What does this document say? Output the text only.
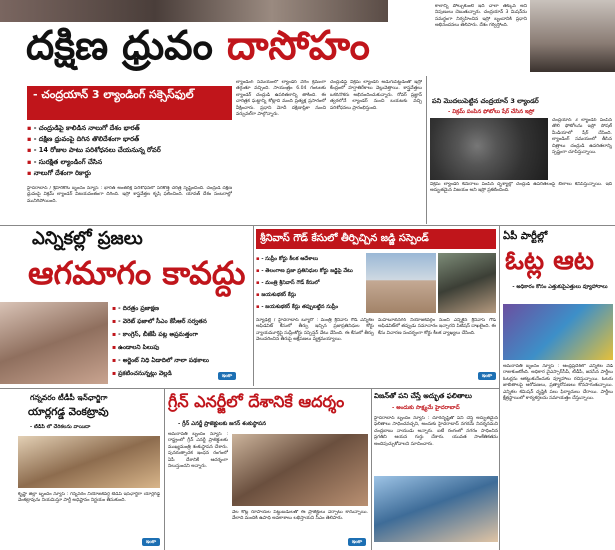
దక్షిణ ధ్రువం దాసోహం
కాలాన్ని పోల్చుకుంటే ఇది చాలా తక్కువ అని నిపుణులు చెబుతున్నారు. చంద్రయాన్ 3 మిషన్‌ను సమర్థంగా నిర్వహించిన ఇస్రో బృందానికి ప్రధాని అభినందనలు తెలిపారు. దేశం గర్విస్తోంది.
- చంద్రయాన్ 3 ల్యాండింగ్ సక్సెస్‌ఫుల్
▪ - చంద్రుడిపై కాలిడిన నాలుగో దేశం భారత్
▪ - దక్షిణ ధ్రువంపై దిగిన తొలిదేశంగా భారత్
▪ - 14 రోజుల పాటు పరిశోధనలు చేయనున్న రోవర్
▪ - సురక్షిత ల్యాండింగ్ చేసిన
▪ నాలుగో దేశంగా రికార్డు
హైదరాబాద్ / శ్రీహరికోట బృందం న్యూస్ : భారత్ అంతరిక్ష పరిశోధనలో సరికొత్త చరిత్ర సృష్టించింది. చంద్రుడి దక్షిణ ధ్రువంపై విక్రమ్ ల్యాండర్ విజయవంతంగా దిగింది. ఇస్రో శాస్త్రవేత్తల కృషి ఫలించింది. యావత్ దేశం సంబరాల్లో మునిగిపోయింది.
ల్యాండింగ్ సమయంలో ల్యాండర్ వేగం క్రమంగా తగ్గుతూ వచ్చింది. సాయంత్రం 6.04 గంటలకు ల్యాండర్ చంద్రుడి ఉపరితలాన్ని తాకింది. ఈ చారిత్రక ఘట్టాన్ని కోట్లాది మంది ప్రత్యక్ష ప్రసారంలో వీక్షించారు. ప్రధాని మోదీ దక్షిణాఫ్రికా నుంచి వర్చువల్‌గా పాల్గొన్నారు.
చంద్రుడిపై విక్రమ్ ల్యాండర్ అడుగుపెట్టడంతో ఇస్రో కేంద్రంలో హర్షాతిరేకాలు వెల్లువెత్తాయి. శాస్త్రవేత్తలు ఒకరినొకరు అభినందించుకున్నారు. రోవర్ ప్రజ్ఞాన్ త్వరలోనే ల్యాండర్ నుంచి బయటకు వచ్చి పరిశోధనలు ప్రారంభిస్తుంది.
పని మొదలుపెట్టిన చంద్రయాన్ 3 ల్యాండర్
- విక్రమ్ పంపిన ఫోటోలు షేర్ చేసిన ఇస్రో
చంద్రయాన్ 3 ల్యాండర్ పంపిన తొలి ఫోటోలను ఇస్రో సోషల్ మీడియాలో షేర్ చేసింది. ల్యాండింగ్ సమయంలో తీసిన చిత్రాలు చంద్రుడి ఉపరితలాన్ని స్పష్టంగా చూపిస్తున్నాయి.
విక్రమ్ ల్యాండర్ కెమెరాలు పంపిన దృశ్యాల్లో చంద్రుడి ఉపరితలంపై బిలాలు కనిపిస్తున్నాయి. ఇది అద్భుతమైన విజయం అని ఇస్రో ప్రకటించింది.
ఎన్నికల్లో ప్రజలు
ఆగమాగం కావద్దు
▪ - దిరత్రం ప్రజాక్షణ
▪ - వెరెట్ ఫజాలో సీఎం కేసీఆర్ సర్వతన
▪ - కాంగ్రెస్, బీజేపీ పట్ల అప్రమత్తంగా
▪ ఉండాలని పిలుపు
▪ - అర్జెంట్ నిధి ఏడాదిలో నాలా పథకాలు
▪ ప్రకటించనున్నట్లు వెల్లడి
శ్రీనివాస్ గౌడ్ కేసులో తీర్పిచ్చిన జడ్జి సస్పెండ్
▪ - సుప్రీం కోర్టు కీలక ఆదేశాలు
▪ - తెలంగాణ ప్రజా ప్రతినిధుల కోర్టు జడ్జిపై వేటు
▪ - మంత్రి శ్రీనివాస్ గౌడ్ కేసులో
▪ జయశుభకర్ కేస్లు
▪ - జయశుభకర్ కేస్లు తప్పుబట్టిన సుప్రీం
న్యూఢిల్లీ / హైదరాబాద్ బ్యూరో : మంత్రి శ్రీనివాస్ గౌడ్ ఎన్నికల అఫిడవిట్ కేసులో తీర్పు ఇచ్చిన ప్రజాప్రతినిధుల కోర్టు న్యాయమూర్తిపై సుప్రీంకోర్టు సస్పెన్షన్ వేటు వేసింది. ఈ కేసులో తీర్పు వెలువరించిన తీరుపై ఆక్షేపణలు వ్యక్తమయ్యాయి.
మహబూబ్‌నగర్ నియోజకవర్గం నుంచి ఎన్నికైన శ్రీనివాస్ గౌడ్ అఫిడవిట్‌లో తప్పుడు సమాచారం ఇచ్చారని పిటిషన్ దాఖలైంది. ఈ కేసు విచారణ సందర్భంగా కోర్టు కీలక వ్యాఖ్యలు చేసింది.
ఏపీ పార్టీల్లో
ఓట్ల ఆట
- అధికారం కోసం ఎత్తుకుపైఎత్తులు వ్యూహారాలు
అమరావతి బృందం న్యూస్ : ఆంధ్రప్రదేశ్‌లో ఎన్నికల వేడి రాజుకుంటోంది. అధికార వైఎస్సార్‌సీపీ, టీడీపీ, జనసేన పార్టీలు ఓటర్లను ఆకట్టుకునేందుకు వ్యూహాలు రచిస్తున్నాయి. ఓటరు జాబితాలపై ఆరోపణలు, ప్రత్యారోపణలు కొనసాగుతున్నాయి. ఎన్నికల కమిషన్ దృష్టికి పలు ఫిర్యాదులు చేరాయి. పార్టీలు క్షేత్రస్థాయిలో కార్యకర్తలను సమాయత్తం చేస్తున్నాయి.
గన్నవరం టీడీపీ ఇన్‌ఛార్జిగా
యార్లగడ్డ వెంకట్రావు
- టీడీపీ లో చేరికలను వాయిదా
కృష్ణా జిల్లా బృందం న్యూస్ : గన్నవరం నియోజకవర్గ టీడీపీ ఇన్‌ఛార్జిగా యార్లగడ్డ వెంకట్రావును నియమిస్తూ పార్టీ అధిష్టానం నిర్ణయం తీసుకుంది.
గ్రీన్ ఎనర్జీలో దేశానికే ఆదర్శం
- గ్రీన్ ఎనర్జీ ప్రాజెక్టులకు జగన్ శంకుస్థాపన
అమరావతి బృందం న్యూస్ : రాష్ట్రంలో గ్రీన్ ఎనర్జీ ప్రాజెక్టులకు ముఖ్యమంత్రి శంకుస్థాపన చేశారు. పునరుత్పాదక ఇంధన రంగంలో ఏపీ దేశానికే ఆదర్శంగా నిలుస్తుందని అన్నారు.
వేల కోట్ల రూపాయల పెట్టుబడులతో ఈ ప్రాజెక్టులు ఏర్పాటు కానున్నాయి. వేలాది మందికి ఉపాధి అవకాశాలు లభిస్తాయని సీఎం తెలిపారు.
విజన్‌తో పని చేస్తే అద్భుత ఫలితాలు
- అందుకు సాక్ష్యమే హైదరాబాద్
హైదరాబాద్ బృందం న్యూస్ : దూరదృష్టితో పని చేస్తే అద్భుతమైన ఫలితాలు సాధించవచ్చని, అందుకు హైదరాబాద్ నగరమే నిదర్శనమని చంద్రబాబు నాయుడు అన్నారు. ఐటీ రంగంలో నగరం సాధించిన ప్రగతిని ఆయన గుర్తు చేశారు. యువత సాంకేతికతను అందిపుచ్చుకోవాలని సూచించారు.
ఇంకా	ఇంకా
ఇంకా	ఇంకా
